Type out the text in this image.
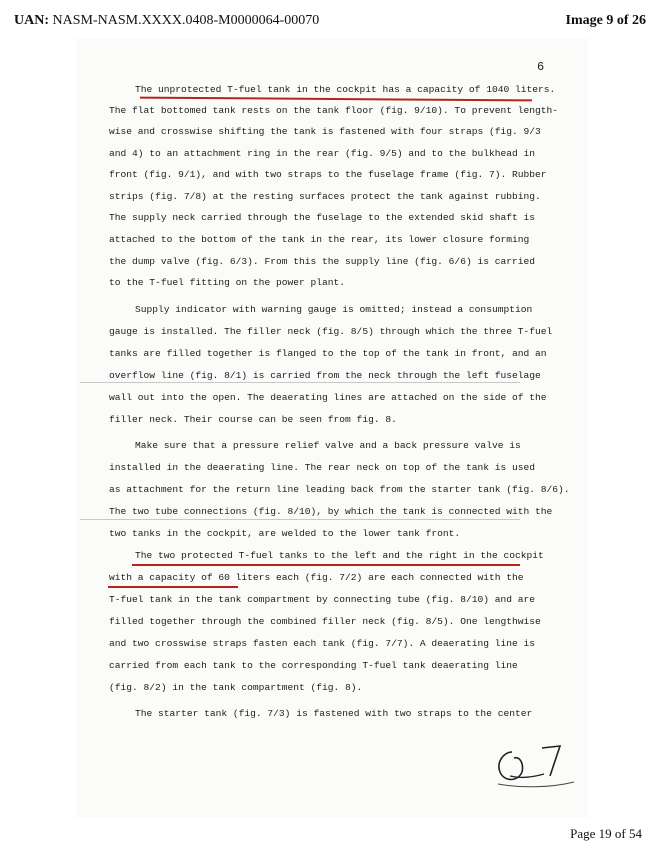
UAN: NASM-NASM.XXXX.0408-M0000064-00070	Image 9 of 26
6
The unprotected T-fuel tank in the cockpit has a capacity of 1040 liters.
The flat bottomed tank rests on the tank floor (fig. 9/10). To prevent length-
wise and crosswise shifting the tank is fastened with four straps (fig. 9/3
and 4) to an attachment ring in the rear (fig. 9/5) and to the bulkhead in
front (fig. 9/1), and with two straps to the fuselage frame (fig. 7). Rubber
strips (fig. 7/8) at the resting surfaces protect the tank against rubbing.
The supply neck carried through the fuselage to the extended skid shaft is
attached to the bottom of the tank in the rear, its lower closure forming
the dump valve (fig. 6/3). From this the supply line (fig. 6/6) is carried
to the T-fuel fitting on the power plant.
Supply indicator with warning gauge is omitted; instead a consumption
gauge is installed. The filler neck (fig. 8/5) through which the three T-fuel
tanks are filled together is flanged to the top of the tank in front, and an
overflow line (fig. 8/1) is carried from the neck through the left fuselage
wall out into the open. The deaerating lines are attached on the side of the
filler neck. Their course can be seen from fig. 8.
Make sure that a pressure relief valve and a back pressure valve is
installed in the deaerating line. The rear neck on top of the tank is used
as attachment for the return line leading back from the starter tank (fig. 8/6).
The two tube connections (fig. 8/10), by which the tank is connected with the
two tanks in the cockpit, are welded to the lower tank front.
The two protected T-fuel tanks to the left and the right in the cockpit
with a capacity of 60 liters each (fig. 7/2) are each connected with the
T-fuel tank in the tank compartment by connecting tube (fig. 8/10) and are
filled together through the combined filler neck (fig. 8/5). One lengthwise
and two crosswise straps fasten each tank (fig. 7/7). A deaerating line is
carried from each tank to the corresponding T-fuel tank deaerating line
(fig. 8/2) in the tank compartment (fig. 8).
The starter tank (fig. 7/3) is fastened with two straps to the center
Page 19 of 54
